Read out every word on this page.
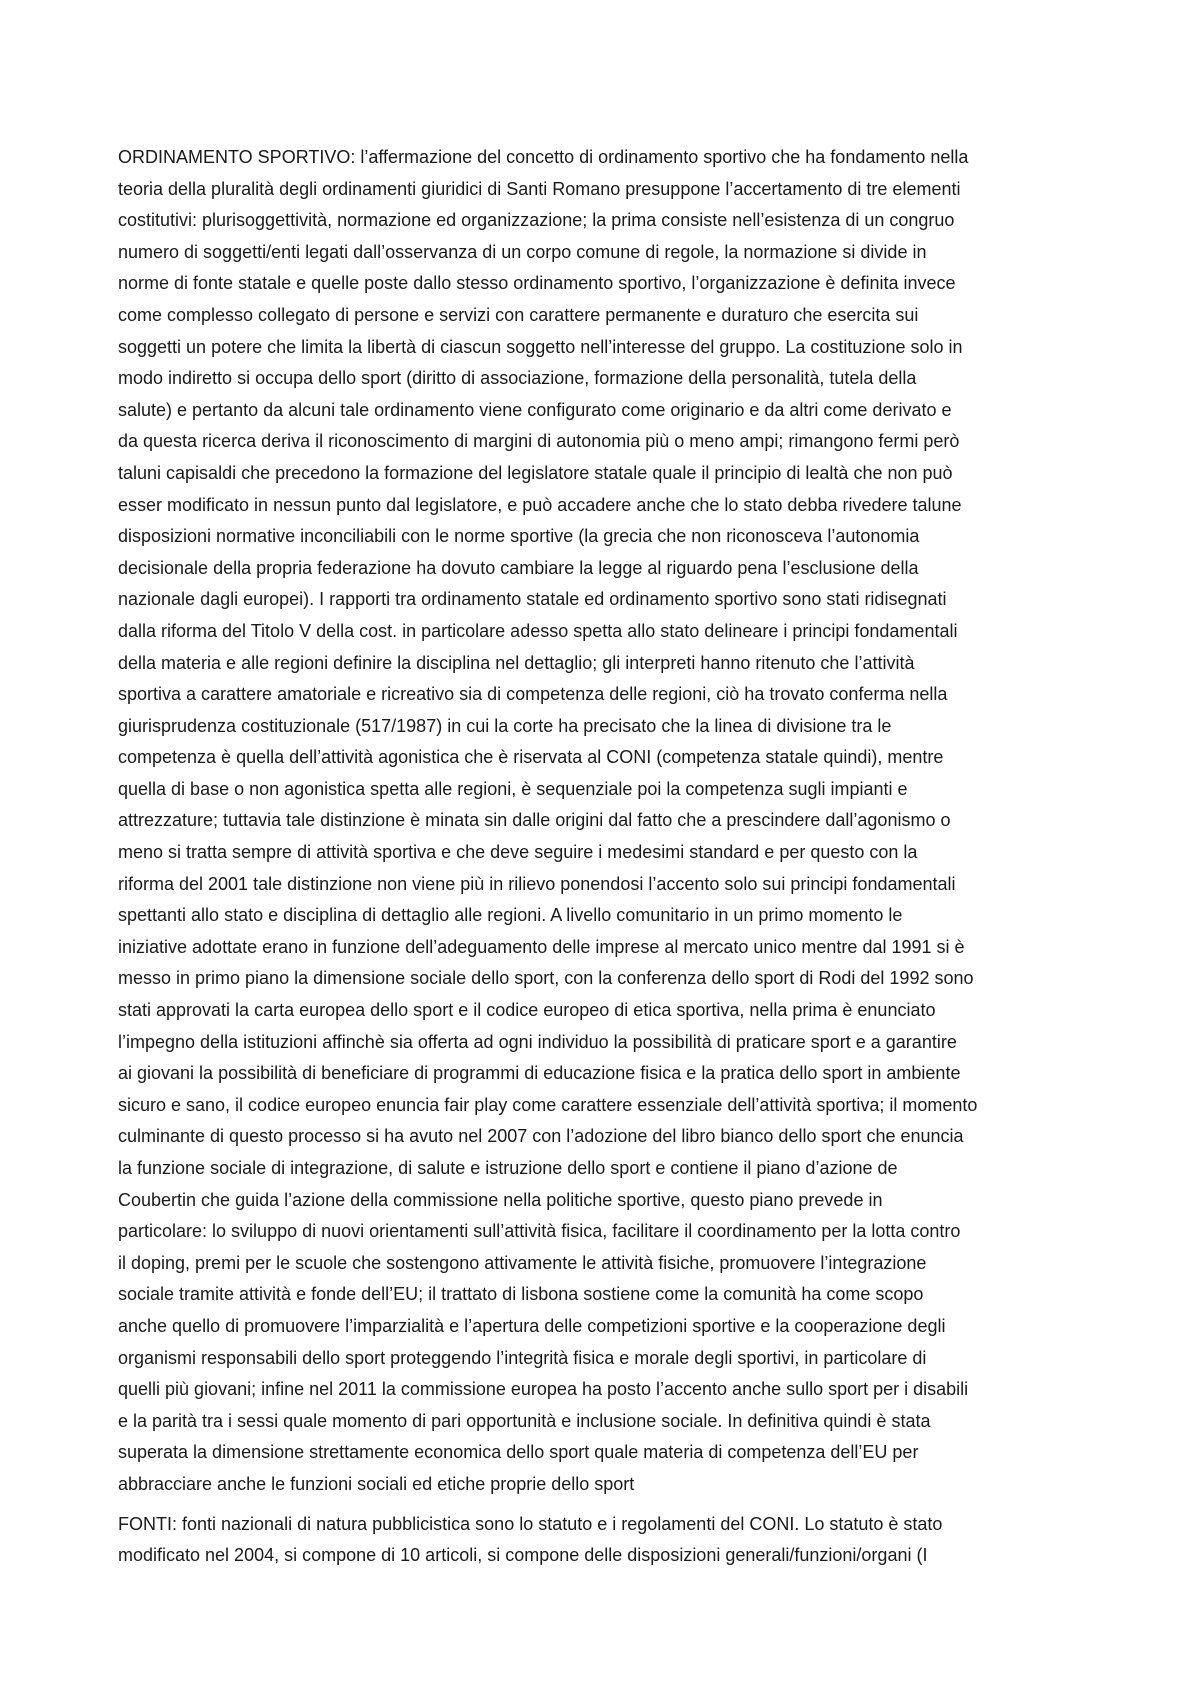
ORDINAMENTO SPORTIVO: l’affermazione del concetto di ordinamento sportivo che ha fondamento nella
teoria della pluralità degli ordinamenti giuridici di Santi Romano presuppone l’accertamento di tre elementi
costitutivi: plurisoggettività, normazione ed organizzazione; la prima consiste nell’esistenza di un congruo
numero di soggetti/enti legati dall’osservanza di un corpo comune di regole, la normazione si divide in
norme di fonte statale e quelle poste dallo stesso ordinamento sportivo, l’organizzazione è definita invece
come complesso collegato di persone e servizi con carattere permanente e duraturo che esercita sui
soggetti un potere che limita la libertà di ciascun soggetto nell’interesse del gruppo. La costituzione solo in
modo indiretto si occupa dello sport (diritto di associazione, formazione della personalità, tutela della
salute) e pertanto da alcuni tale ordinamento viene configurato come originario e da altri come derivato e
da questa ricerca deriva il riconoscimento di margini di autonomia più o meno ampi; rimangono fermi però
taluni capisaldi che precedono la formazione del legislatore statale quale il principio di lealtà che non può
esser modificato in nessun punto dal legislatore, e può accadere anche che lo stato debba rivedere talune
disposizioni normative inconciliabili con le norme sportive (la grecia che non riconosceva l’autonomia
decisionale della propria federazione ha dovuto cambiare la legge al riguardo pena l’esclusione della
nazionale dagli europei). I rapporti tra ordinamento statale ed ordinamento sportivo sono stati ridisegnati
dalla riforma del Titolo V della cost. in particolare adesso spetta allo stato delineare i principi fondamentali
della materia e alle regioni definire la disciplina nel dettaglio; gli interpreti hanno ritenuto che l’attività
sportiva a carattere amatoriale e ricreativo sia di competenza delle regioni, ciò ha trovato conferma nella
giurisprudenza costituzionale (517/1987) in cui la corte ha precisato che la linea di divisione tra le
competenza è quella dell’attività agonistica che è riservata al CONI (competenza statale quindi), mentre
quella di base o non agonistica spetta alle regioni, è sequenziale poi la competenza sugli impianti e
attrezzature; tuttavia tale distinzione è minata sin dalle origini dal fatto che a prescindere dall’agonismo o
meno si tratta sempre di attività sportiva e che deve seguire i medesimi standard e per questo con la
riforma del 2001 tale distinzione non viene più in rilievo ponendosi l’accento solo sui principi fondamentali
spettanti allo stato e disciplina di dettaglio alle regioni. A livello comunitario in un primo momento le
iniziative adottate erano in funzione dell’adeguamento delle imprese al mercato unico mentre dal 1991 si è
messo in primo piano la dimensione sociale dello sport, con la conferenza dello sport di Rodi del 1992 sono
stati approvati la carta europea dello sport e il codice europeo di etica sportiva, nella prima è enunciato
l’impegno della istituzioni affinchè sia offerta ad ogni individuo la possibilità di praticare sport e a garantire
ai giovani la possibilità di beneficiare di programmi di educazione fisica e la pratica dello sport in ambiente
sicuro e sano, il codice europeo enuncia fair play come carattere essenziale dell’attività sportiva; il momento
culminante di questo processo si ha avuto nel 2007 con l’adozione del libro bianco dello sport che enuncia
la funzione sociale di integrazione, di salute e istruzione dello sport e contiene il piano d’azione de
Coubertin che guida l’azione della commissione nella politiche sportive, questo piano prevede in
particolare: lo sviluppo di nuovi orientamenti sull’attività fisica, facilitare il coordinamento per la lotta contro
il doping, premi per le scuole che sostengono attivamente le attività fisiche, promuovere l’integrazione
sociale tramite attività e fonde dell’EU; il trattato di lisbona sostiene come la comunità ha come scopo
anche quello di promuovere l’imparzialità e l’apertura delle competizioni sportive e la cooperazione degli
organismi responsabili dello sport proteggendo l’integrità fisica e morale degli sportivi, in particolare di
quelli più giovani; infine nel 2011 la commissione europea ha posto l’accento anche sullo sport per i disabili
e la parità tra i sessi quale momento di pari opportunità e inclusione sociale. In definitiva quindi è stata
superata la dimensione strettamente economica dello sport quale materia di competenza dell’EU per
abbracciare anche le funzioni sociali ed etiche proprie dello sport
FONTI: fonti nazionali di natura pubblicistica sono lo statuto e i regolamenti del CONI. Lo statuto è stato
modificato nel 2004, si compone di 10 articoli, si compone delle disposizioni generali/funzioni/organi (I
